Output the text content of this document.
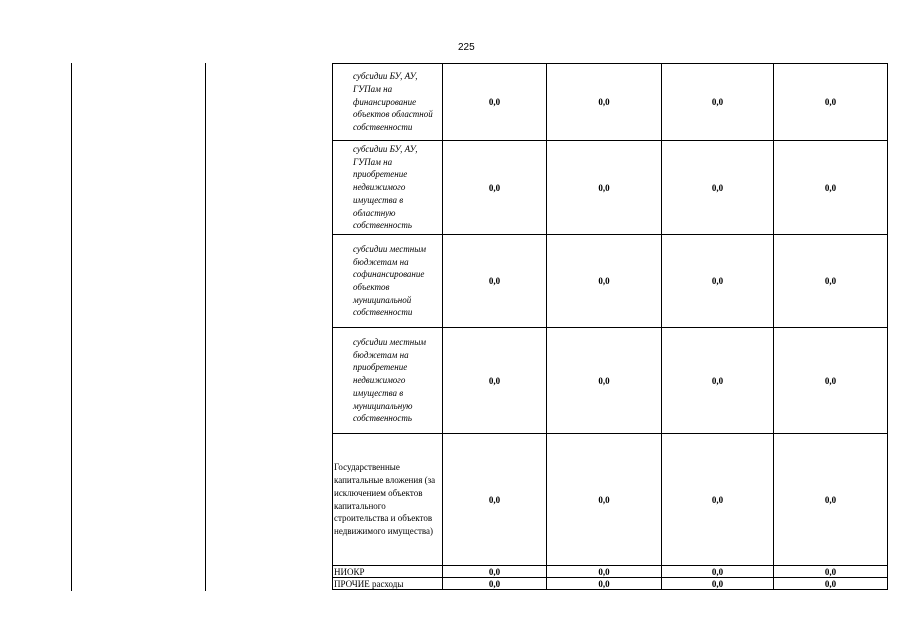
225
субсидии БУ, АУ, ГУПам на финансирование объектов областной собственности	0,0	0,0	0,0	0,0
субсидии БУ, АУ, ГУПам на приобретение недвижимого имущества в областную собственность	0,0	0,0	0,0	0,0
субсидии местным бюджетам на софинансирование объектов муниципальной собственности	0,0	0,0	0,0	0,0
субсидии местным бюджетам на приобретение недвижимого имущества в муниципальную собственность	0,0	0,0	0,0	0,0
Государственные капитальные вложения (за исключением объектов капитального строительства и объектов недвижимого имущества)	0,0	0,0	0,0	0,0
НИОКР	0,0	0,0	0,0	0,0
ПРОЧИЕ расходы	0,0	0,0	0,0	0,0
